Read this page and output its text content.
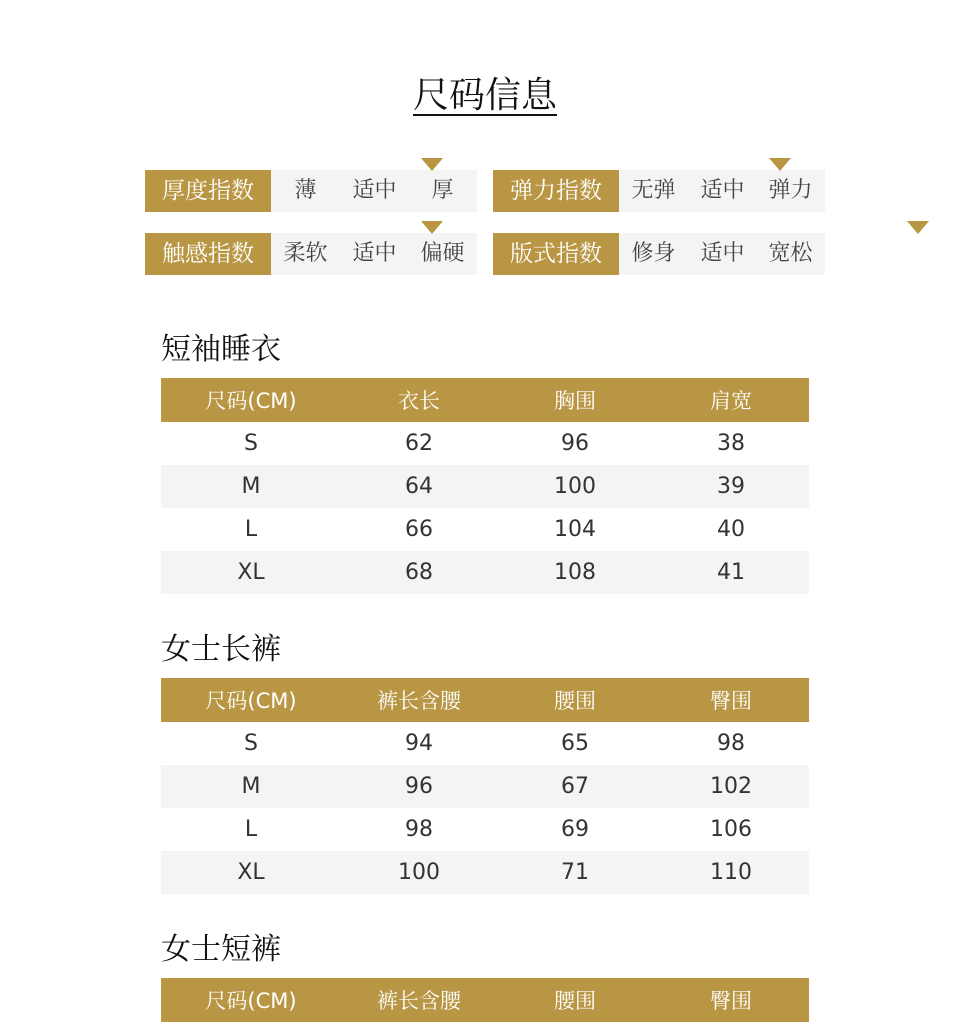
尺码信息
厚度指数	薄	适中	厚	弹力指数	无弹	适中	弹力
触感指数	柔软	适中	偏硬	版式指数	修身	适中	宽松
短袖睡衣
尺码(CM)	衣长	胸围	肩宽
S	62	96	38
M	64	100	39
L	66	104	40
XL	68	108	41
女士长裤
尺码(CM)	裤长含腰	腰围	臀围
S	94	65	98
M	96	67	102
L	98	69	106
XL	100	71	110
女士短裤
尺码(CM)	裤长含腰	腰围	臀围
